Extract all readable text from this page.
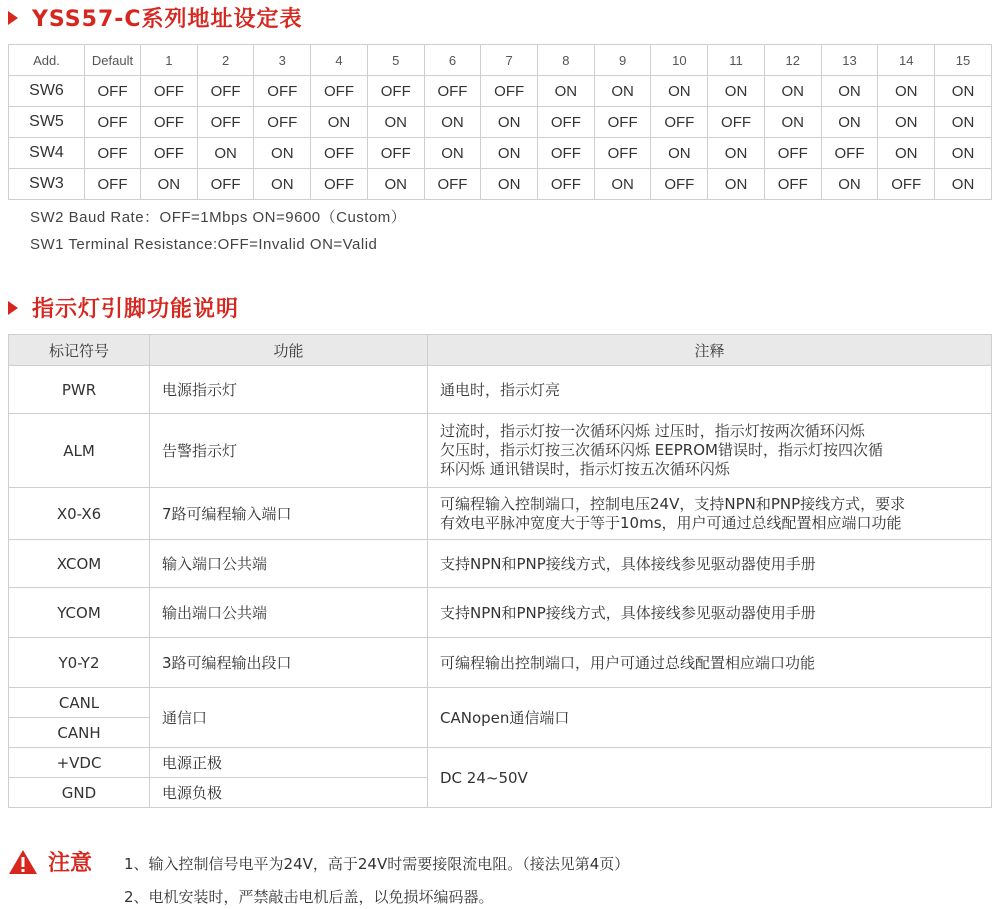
YSS57-C系列地址设定表
Add.	Default	1	2	3	4	5	6	7	8	9	10	11	12	13	14	15
SW6	OFF	OFF	OFF	OFF	OFF	OFF	OFF	OFF	ON	ON	ON	ON	ON	ON	ON	ON
SW5	OFF	OFF	OFF	OFF	ON	ON	ON	ON	OFF	OFF	OFF	OFF	ON	ON	ON	ON
SW4	OFF	OFF	ON	ON	OFF	OFF	ON	ON	OFF	OFF	ON	ON	OFF	OFF	ON	ON
SW3	OFF	ON	OFF	ON	OFF	ON	OFF	ON	OFF	ON	OFF	ON	OFF	ON	OFF	ON
SW2 Baud Rate：OFF=1Mbps ON=9600（Custom）
SW1 Terminal Resistance:OFF=Invalid ON=Valid
指示灯引脚功能说明
标记符号	功能	注释
PWR	电源指示灯	通电时，指示灯亮
ALM	告警指示灯	过流时，指示灯按一次循环闪烁 过压时，指示灯按两次循环闪烁
欠压时，指示灯按三次循环闪烁 EEPROM错误时，指示灯按四次循
环闪烁 通讯错误时，指示灯按五次循环闪烁

X0-X6	7路可编程输入端口	可编程输入控制端口，控制电压24V，支持NPN和PNP接线方式，要求
有效电平脉冲宽度大于等于10ms，用户可通过总线配置相应端口功能

XCOM	输入端口公共端	支持NPN和PNP接线方式，具体接线参见驱动器使用手册
YCOM	输出端口公共端	支持NPN和PNP接线方式，具体接线参见驱动器使用手册
Y0-Y2	3路可编程输出段口	可编程输出控制端口，用户可通过总线配置相应端口功能
CANL	通信口	CANopen通信端口
CANH		
+VDC	电源正极	DC 24~50V
GND	电源负极	
注意 1、输入控制信号电平为24V，高于24V时需要接限流电阻。（接法见第4页）
2、电机安装时，严禁敲击电机后盖，以免损坏编码器。
